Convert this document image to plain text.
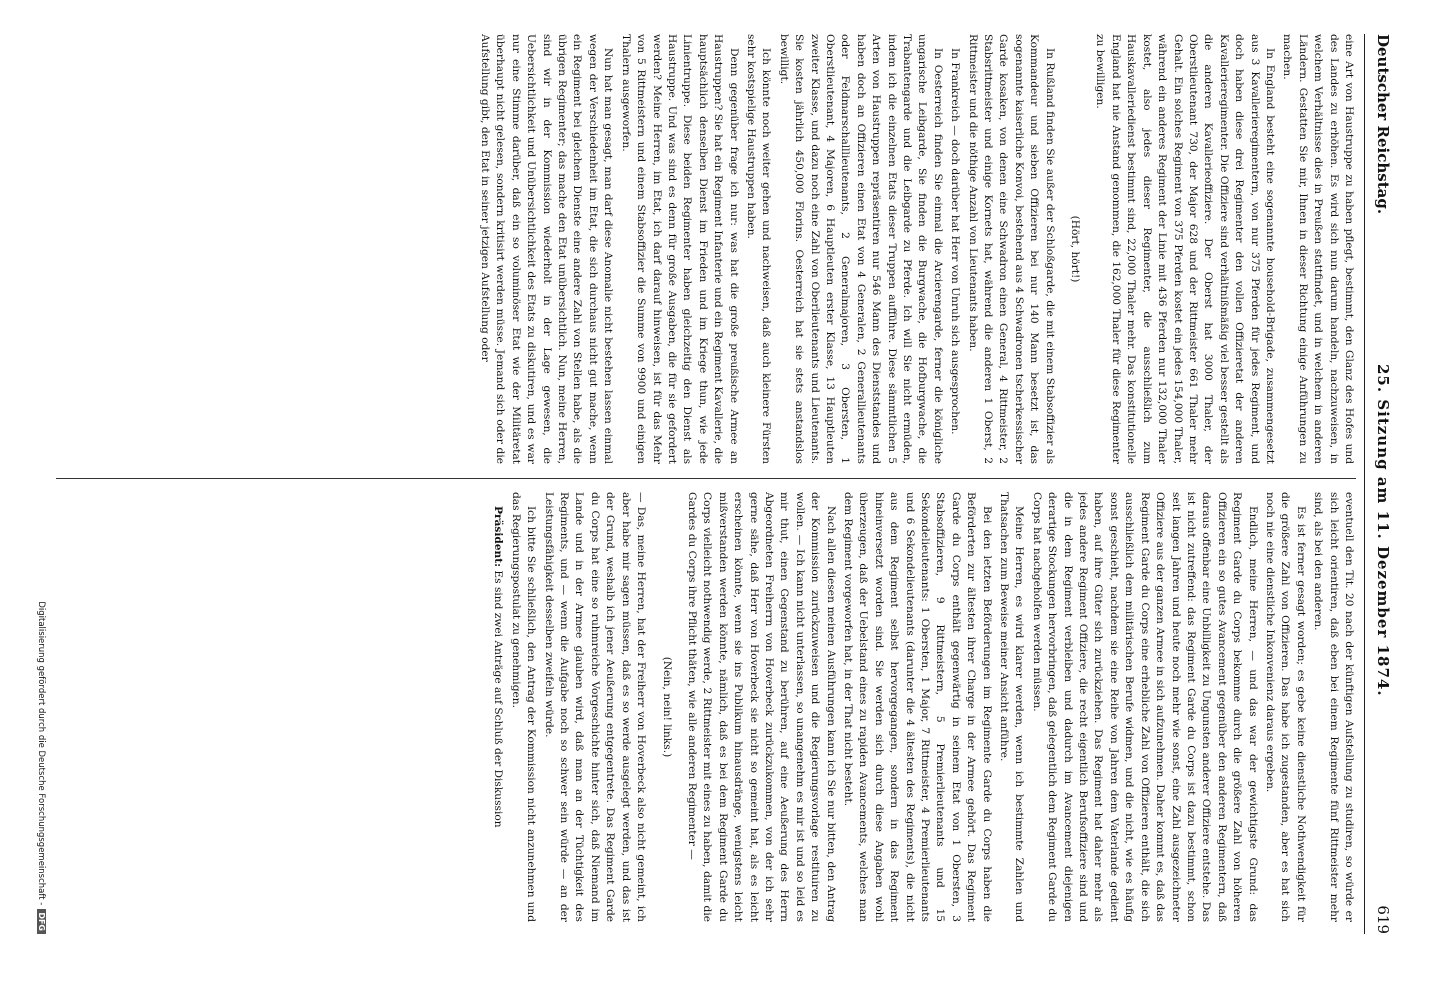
Deutscher Reichstag.
25. Sitzung am 11. Dezember 1874.
619

eine Art von Haustruppe zu haben pflegt, bestimmt, den Glanz des Hofes und des Landes zu erhöhen. Es wird sich nun darum handeln, nachzuweisen, in welchem Verhältnisse dies in Preußen stattfindet, und in welchem in anderen Ländern. Gestatten Sie mir, Ihnen in dieser Richtung einige Anführungen zu machen.

In England besteht eine sogenannte household-Brigade, zusammengesetzt aus 3 Kavallerieregimentern, von nur 375 Pferden für jedes Regiment, und doch haben diese drei Regimenter den vollen Offizieretat der anderen Kavallerieregimenter. Die Offiziere sind verhältnißmäßig viel besser gestellt als die anderen Kavallerieoffiziere. Der Oberst hat 3000 Thaler, der Oberstlieutenant 730, der Major 628 und der Rittmeister 661 Thaler mehr Gehalt. Ein solches Regiment von 375 Pferden kostet ein jedes 154,000 Thaler, während ein anderes Regiment der Linie mit 436 Pferden nur 132,000 Thaler kostet, also jedes dieser Regimenter, die ausschließlich zum Hauskavalleriedienst bestimmt sind, 22,000 Thaler mehr. Das konstitutionelle England hat nie Anstand genommen, die 162,000 Thaler für diese Regimenter zu bewilligen.

(Hört, hört!)

In Rußland finden Sie außer der Schloßgarde, die mit einem Stabsoffizier als Kommandeur und sieben Offizieren bei nur 140 Mann besetzt ist, das sogenannte kaiserliche Konvoi, bestehend aus 4 Schwadronen tscherkessischer Garde kosaken, von denen eine Schwadron einen General, 4 Rittmeister, 2 Stabsrittmeister und einige Kornets hat, während die anderen 1 Oberst, 2 Rittmeister und die nöthige Anzahl von Lieutenants haben.

In Frankreich — doch darüber hat Herr von Unruh sich ausgesprochen.

In Oesterreich finden Sie einmal die Arcierengarde, ferner die königliche ungarische Leibgarde, Sie finden die Burgwache, die Hofburgwache, die Trabantengarde und die Leibgarde zu Pferde. Ich will Sie nicht ermüden, indem ich die einzelnen Etats dieser Truppen aufführe. Diese sämmtlichen 5 Arten von Haustruppen repräsentiren nur 546 Mann des Dienststandes und haben doch an Offizieren einen Etat von 4 Generalen, 2 Generallieutenants oder Feldmarschalllieutenants, 2 Generalmajoren, 3 Obersten, 1 Oberstlieutenant, 4 Majoren, 6 Hauptleuten erster Klasse, 13 Hauptleuten zweiter Klasse, und dazu noch eine Zahl von Oberlieutenants und Lieutenants. Sie kosten jährlich 450,000 Florins. Oesterreich hat sie stets anstandslos bewilligt.

Ich könnte noch weiter gehen und nachweisen, daß auch kleinere Fürsten sehr kostspielige Haustruppen haben.

Denn gegenüber frage ich nur: was hat die große preußische Armee an Haustruppen? Sie hat ein Regiment Infanterie und ein Regiment Kavallerie, die hauptsächlich denselben Dienst im Frieden und im Kriege thun, wie jede Linientruppe. Diese beiden Regimenter haben gleichzeitig den Dienst als Haustruppe. Und was sind es denn für große Ausgaben, die für sie gefordert werden? Meine Herren, im Etat, ich darf darauf hinweisen, ist für das Mehr von 5 Rittmeistern und einem Stabsoffizier die Summe von 9900 und einigen Thalern ausgeworfen.

Nun hat man gesagt, man darf diese Anomalie nicht bestehen lassen einmal wegen der Verschiedenheit im Etat, die sich durchaus nicht gut mache, wenn ein Regiment bei gleichem Dienste eine andere Zahl von Stellen habe, als die übrigen Regimenter; das mache den Etat unübersichtlich. Nun, meine Herren, sind wir in der Kommission wiederholt in der Lage gewesen, die Uebersichtlichkeit und Unübersichtlichkeit des Etats zu diskutiren, und es war nur eine Stimme darüber, daß ein so voluminöser Etat wie der Militäretat überhaupt nicht gelesen, sondern kritisirt werden müsse. Jemand sich oder die Aufstellung gibt, den Etat in seiner jetzigen Aufstellung oder

eventuell den Tit. 20 nach der künftigen Aufstellung zu studiren, so würde er sich leicht orientiren, daß eben bei einem Regimente fünf Rittmeister mehr sind, als bei den anderen.

Es ist ferner gesagt worden; es gebe keine dienstliche Nothwendigkeit für die größere Zahl von Offizieren. Das habe ich zugestanden, aber es hat sich noch nie eine dienstliche Inkonvenienz daraus ergeben.

Endlich, meine Herren, — und das war der gewichtigste Grund: das Regiment Garde du Corps bekomme durch die größere Zahl von höheren Offizieren ein so gutes Avancement gegenüber den anderen Regimentern, daß daraus offenbar eine Unbilligkeit zu Ungunsten anderer Offiziere entstehe. Das ist nicht zutreffend: das Regiment Garde du Corps ist dazu bestimmt, schon seit langen Jahren und heute noch mehr wie sonst, eine Zahl ausgezeichneter Offiziere aus der ganzen Armee in sich aufzunehmen. Daher kommt es, daß das Regiment Garde du Corps eine erhebliche Zahl von Offizieren enthält, die sich ausschließlich dem militärischen Berufe widmen, und die nicht, wie es häufig sonst geschieht, nachdem sie eine Reihe von Jahren dem Vaterlande gedient haben, auf ihre Güter sich zurückziehen. Das Regiment hat daher mehr als jedes andere Regiment Offiziere, die recht eigentlich Berufsoffiziere sind und die in dem Regiment verbleiben und dadurch im Avancement diejenigen derartige Stockungen hervorbringen, daß gelegentlich dem Regiment Garde du Corps hat nachgeholfen werden müssen.

Meine Herren, es wird klarer werden, wenn ich bestimmte Zahlen und Thatsachen zum Beweise meiner Ansicht anführe.

Bei den letzten Beförderungen im Regimente Garde du Corps haben die Beförderten zur ältesten ihrer Charge in der Armee gehört. Das Regiment Garde du Corps enthält gegenwärtig in seinem Etat von 1 Obersten, 3 Stabsoffizieren, 9 Rittmeistern, 5 Premierlieutenants und 15 Sekondelieutenants: 1 Obersten, 1 Major, 7 Rittmeister, 4 Premierlieutenants und 6 Sekondelieutenants (darunter die 4 ältesten des Regiments), die nicht aus dem Regiment selbst hervorgegangen, sondern in das Regiment hineinversetzt worden sind. Sie werden sich durch diese Angaben wohl überzeugen, daß der Uebelstand eines zu rapiden Avancements, welches man dem Regiment vorgeworfen hat, in der That nicht besteht.

Nach allen diesen meinen Ausführungen kann ich Sie nur bitten, den Antrag der Kommission zurückzuweisen und die Regierungsvorlage restituiren zu wollen. — Ich kann nicht unterlassen, so unangenehm es mir ist und so leid es mir thut, einen Gegenstand zu berühren, auf eine Aeußerung des Herrn Abgeordneten Freiherrn von Hoverbeck zurückzukommen, von der ich sehr gerne sähe, daß Herr von Hoverbeck sie nicht so gemeint hat, als es leicht erscheinen könnte, wenn sie ins Publikum hinausdränge, wenigstens leicht mißverstanden werden könnte, nämlich, daß es bei dem Regiment Garde du Corps vielleicht nothwendig werde, 2 Rittmeister mit eines zu haben, damit die Gardes du Corps ihre Pflicht thäten, wie alle anderen Regimenter —

(Nein, nein! links.)

— Das, meine Herren, hat der Freiherr von Hoverbeck also nicht gemeint, ich aber habe mir sagen müssen, daß es so werde ausgelegt werden, und das ist der Grund, weshalb ich jener Aeußerung entgegentrete. Das Regiment Garde du Corps hat eine so ruhmreiche Vorgeschichte hinter sich, daß Niemand im Lande und in der Armee glauben wird, daß man an der Tüchtigkeit des Regiments, und — wenn die Aufgabe noch so schwer sein würde — an der Leistungsfähigkeit desselben zweifeln würde.

Ich bitte Sie schließlich, den Antrag der Kommission nicht anzunehmen und das Regierungspostulat zu genehmigen.

Präsident: Es sind zwei Anträge auf Schluß der Diskussion

Digitalisierung gefördert durch die Deutsche Forschungsgemeinschaft -DFG
